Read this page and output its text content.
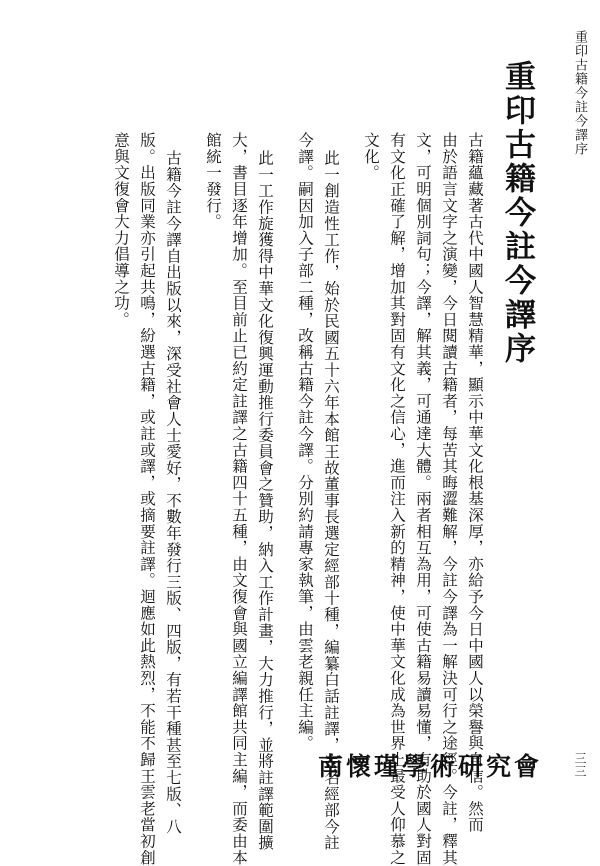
重印古籍今註今譯序
三三
重印古籍今註今譯序
古籍蘊藏著古代中國人智慧精華，顯示中華文化根基深厚，亦給予今日中國人以榮譽與自信。然而
由於語言文字之演變，今日閱讀古籍者，每苦其晦澀難解，今註今譯為一解決可行之途徑。今註，釋其
文，可明個別詞句；今譯，解其義，可通達大體。兩者相互為用，可使古籍易讀易懂，有助於國人對固
有文化正確了解，增加其對固有文化之信心，進而注入新的精神，使中華文化成為世界上最受人仰慕之
文化。
此一創造性工作，始於民國五十六年本館王故董事長選定經部十種，編纂白話註譯，定名經部今註
今譯。嗣因加入子部二種，改稱古籍今註今譯。分別約請專家執筆，由雲老親任主編。
此一工作旋獲得中華文化復興運動推行委員會之贊助，納入工作計畫，大力推行，並將註譯範圍擴
大，書目逐年增加。至目前止已約定註譯之古籍四十五種，由文復會與國立編譯館共同主編，而委由本
館統一發行。
古籍今註今譯自出版以來，深受社會人士愛好，不數年發行三版、四版，有若干種甚至七版、八
版。出版同業亦引起共鳴，紛選古籍，或註或譯，或摘要註譯。迴應如此熱烈，不能不歸王雲老當初創
意與文復會大力倡導之功。
南懷瑾學術研究會
